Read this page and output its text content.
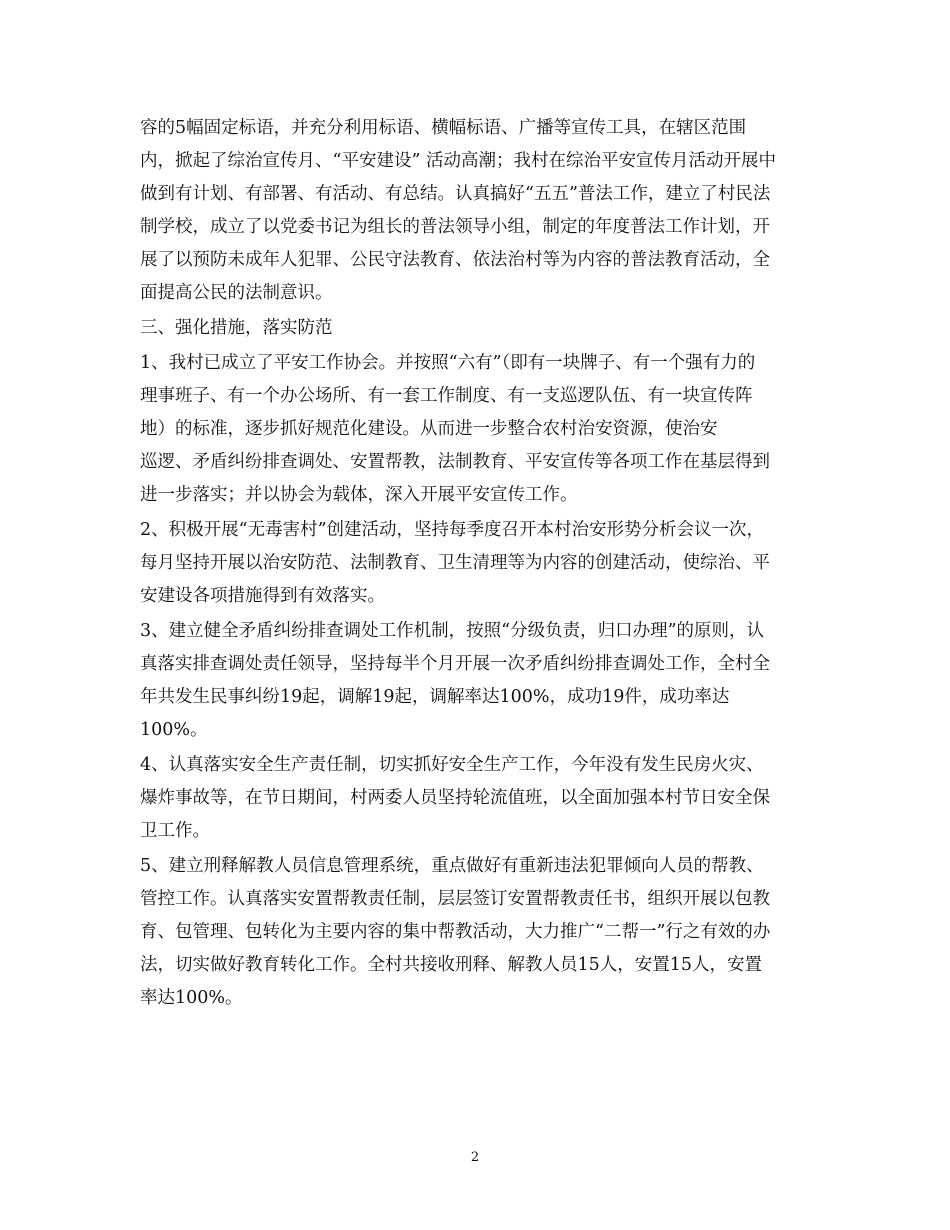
容的5幅固定标语，并充分利用标语、横幅标语、广播等宣传工具，在辖区范围
内，掀起了综治宣传月、“平安建设” 活动高潮；我村在综治平安宣传月活动开展中
做到有计划、有部署、有活动、有总结。认真搞好“五五”普法工作，建立了村民法
制学校，成立了以党委书记为组长的普法领导小组，制定的年度普法工作计划，开
展了以预防未成年人犯罪、公民守法教育、依法治村等为内容的普法教育活动，全
面提高公民的法制意识。
三、强化措施，落实防范
1、我村已成立了平安工作协会。并按照“六有”（即有一块牌子、有一个强有力的
理事班子、有一个办公场所、有一套工作制度、有一支巡逻队伍、有一块宣传阵
地）的标准，逐步抓好规范化建设。从而进一步整合农村治安资源，使治安
巡逻、矛盾纠纷排查调处、安置帮教，法制教育、平安宣传等各项工作在基层得到
进一步落实；并以协会为载体，深入开展平安宣传工作。
2、积极开展“无毒害村”创建活动，坚持每季度召开本村治安形势分析会议一次，
每月坚持开展以治安防范、法制教育、卫生清理等为内容的创建活动，使综治、平
安建设各项措施得到有效落实。
3、建立健全矛盾纠纷排查调处工作机制，按照“分级负责，归口办理”的原则，认
真落实排查调处责任领导，坚持每半个月开展一次矛盾纠纷排查调处工作，全村全
年共发生民事纠纷19起，调解19起，调解率达100%，成功19件，成功率达
100%。
4、认真落实安全生产责任制，切实抓好安全生产工作，今年没有发生民房火灾、
爆炸事故等，在节日期间，村两委人员坚持轮流值班，以全面加强本村节日安全保
卫工作。
5、建立刑释解教人员信息管理系统，重点做好有重新违法犯罪倾向人员的帮教、
管控工作。认真落实安置帮教责任制，层层签订安置帮教责任书，组织开展以包教
育、包管理、包转化为主要内容的集中帮教活动，大力推广“二帮一”行之有效的办
法，切实做好教育转化工作。全村共接收刑释、解教人员15人，安置15人，安置
率达100%。
2
